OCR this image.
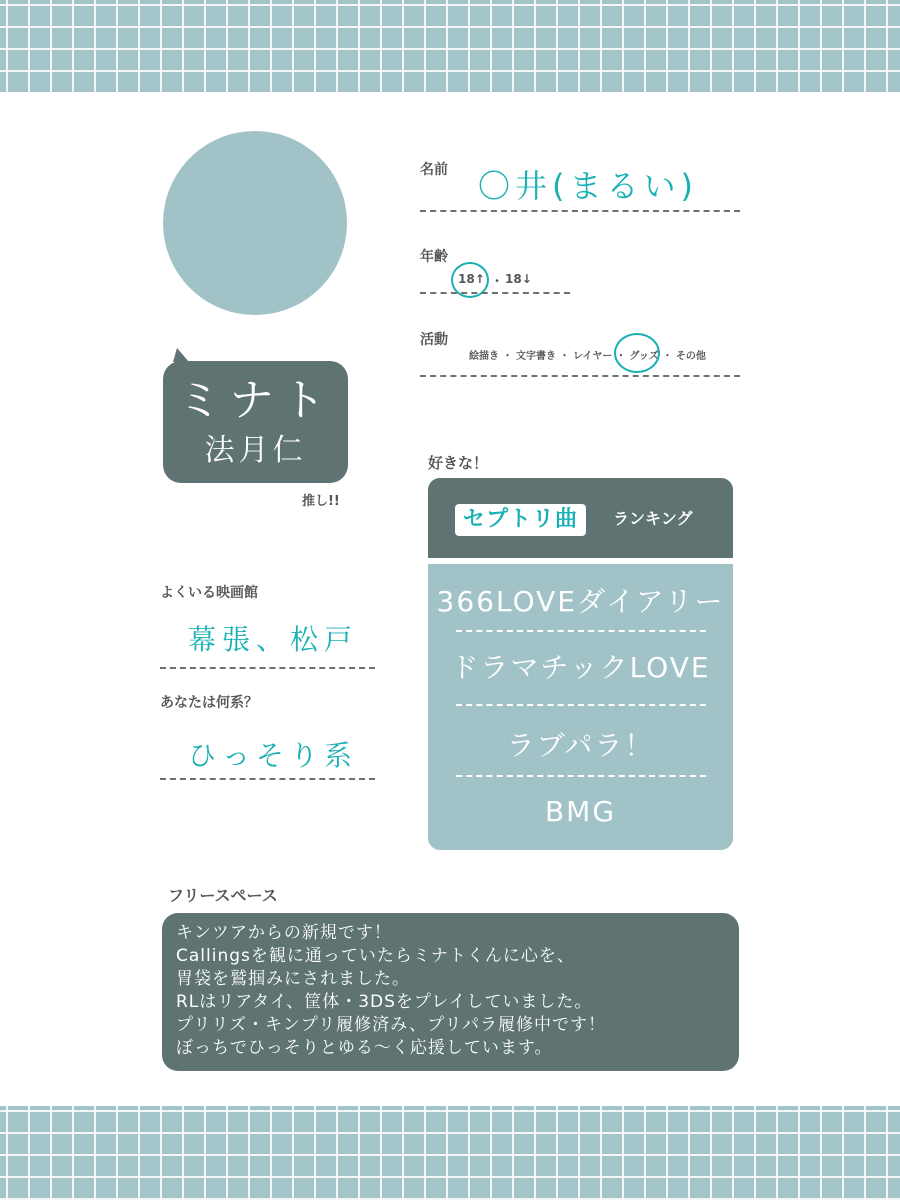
ミナト
法月仁
推し!!
名前 〇井(まるい)
年齢
18↑ ・ 18↓
活動
絵描き ・ 文字書き ・ レイヤー ・ グッズ ・ その他
よくいる映画館
幕張、松戸
あなたは何系？
ひっそり系
好きな！
セプトリ曲	ランキング
366LOVEダイアリー
ドラマチックLOVE
ラブパラ！
BMG
フリースペース
キンツアからの新規です！
Callingsを観に通っていたらミナトくんに心を、
胃袋を鷲掴みにされました。
RLはリアタイ、筐体・3DSをプレイしていました。
プリリズ・キンプリ履修済み、プリパラ履修中です！
ぼっちでひっそりとゆる〜く応援しています。
